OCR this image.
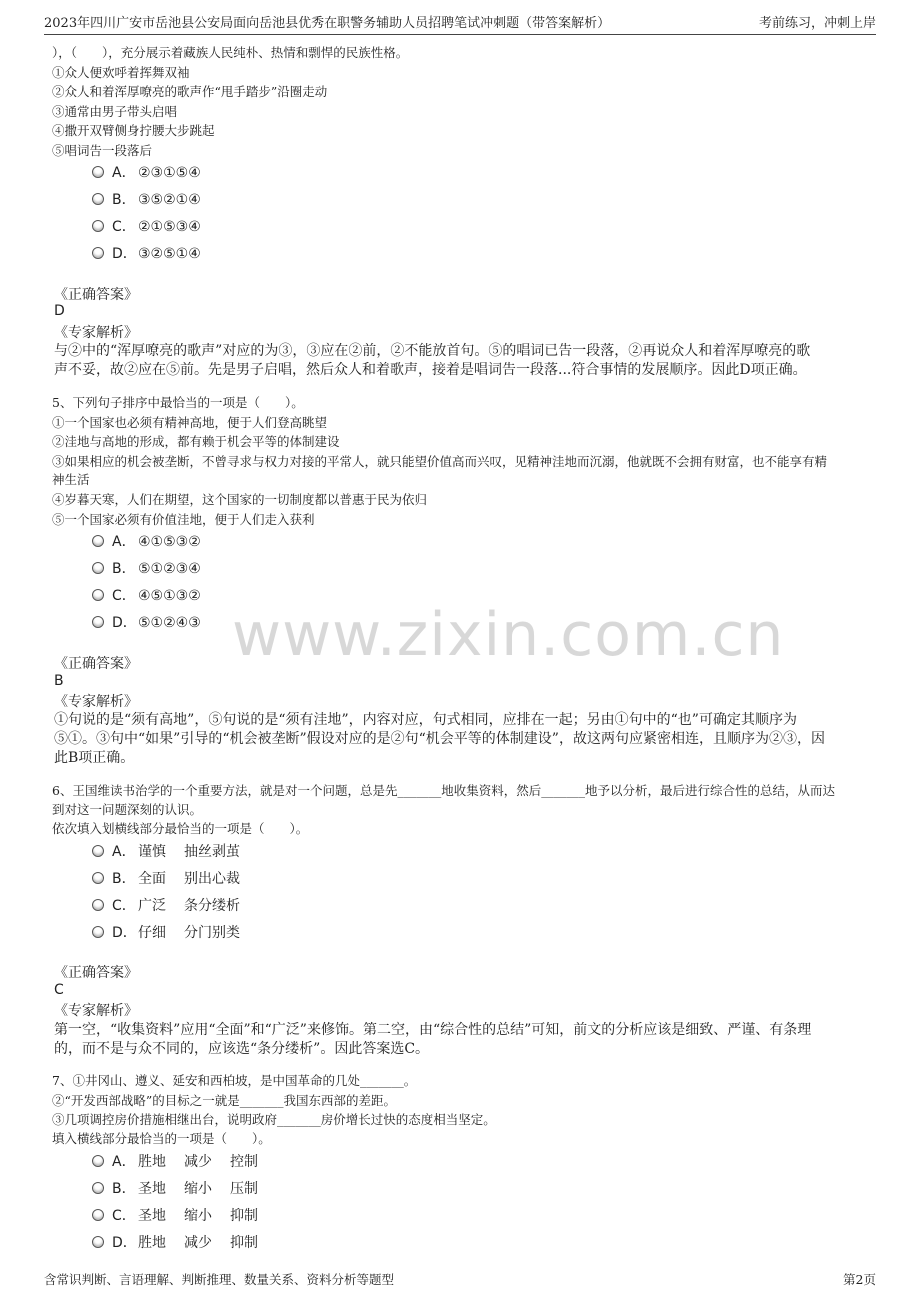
2023年四川广安市岳池县公安局面向岳池县优秀在职警务辅助人员招聘笔试冲刺题（带答案解析）	考前练习，冲刺上岸
www.zixin.com.cn
），（　　），充分展示着藏族人民纯朴、热情和剽悍的民族性格。
①众人便欢呼着挥舞双袖
②众人和着浑厚嘹亮的歌声作“甩手踏步”沿圈走动
③通常由男子带头启唱
④撒开双臂侧身拧腰大步跳起
⑤唱词告一段落后
A． ②③①⑤④
B． ③⑤②①④
C． ②①⑤③④
D．③②⑤①④
《正确答案》
D
《专家解析》
与②中的“浑厚嘹亮的歌声”对应的为③，③应在②前，②不能放首句。⑤的唱词已告一段落，②再说众人和着浑厚嘹亮的歌
声不妥，故②应在⑤前。先是男子启唱，然后众人和着歌声，接着是唱词告一段落...符合事情的发展顺序。因此D项正确。
5、下列句子排序中最恰当的一项是（　　）。
①一个国家也必须有精神高地，便于人们登高眺望
②洼地与高地的形成，都有赖于机会平等的体制建设
③如果相应的机会被垄断，不曾寻求与权力对接的平常人，就只能望价值高而兴叹，见精神洼地而沉溺，他就既不会拥有财富，也不能享有精
神生活
④岁暮天寒，人们在期望，这个国家的一切制度都以普惠于民为依归
⑤一个国家必须有价值洼地，便于人们走入获利
A． ④①⑤③②
B． ⑤①②③④
C． ④⑤①③②
D．⑤①②④③
《正确答案》
B
《专家解析》
①句说的是“须有高地”，⑤句说的是“须有洼地”，内容对应，句式相同，应排在一起；另由①句中的“也”可确定其顺序为
⑤①。③句中“如果”引导的“机会被垄断”假设对应的是②句“机会平等的体制建设”，故这两句应紧密相连，且顺序为②③，因
此B项正确。
6、王国维读书治学的一个重要方法，就是对一个问题，总是先_______地收集资料，然后_______地予以分析，最后进行综合性的总结，从而达
到对这一问题深刻的认识。
依次填入划横线部分最恰当的一项是（　　）。
A． 谨慎 抽丝剥茧
B． 全面 别出心裁
C． 广泛 条分缕析
D．仔细 分门别类
《正确答案》
C
《专家解析》
第一空，“收集资料”应用“全面”和“广泛”来修饰。第二空，由“综合性的总结”可知，前文的分析应该是细致、严谨、有条理
的，而不是与众不同的，应该选“条分缕析”。因此答案选C。
7、①井冈山、遵义、延安和西柏坡，是中国革命的几处_______。
②“开发西部战略”的目标之一就是_______我国东西部的差距。
③几项调控房价措施相继出台，说明政府_______房价增长过快的态度相当坚定。
填入横线部分最恰当的一项是（　　）。
A． 胜地 减少 控制
B． 圣地 缩小 压制
C． 圣地 缩小 抑制
D．胜地 减少 抑制
含常识判断、言语理解、判断推理、数量关系、资料分析等题型	第2页
